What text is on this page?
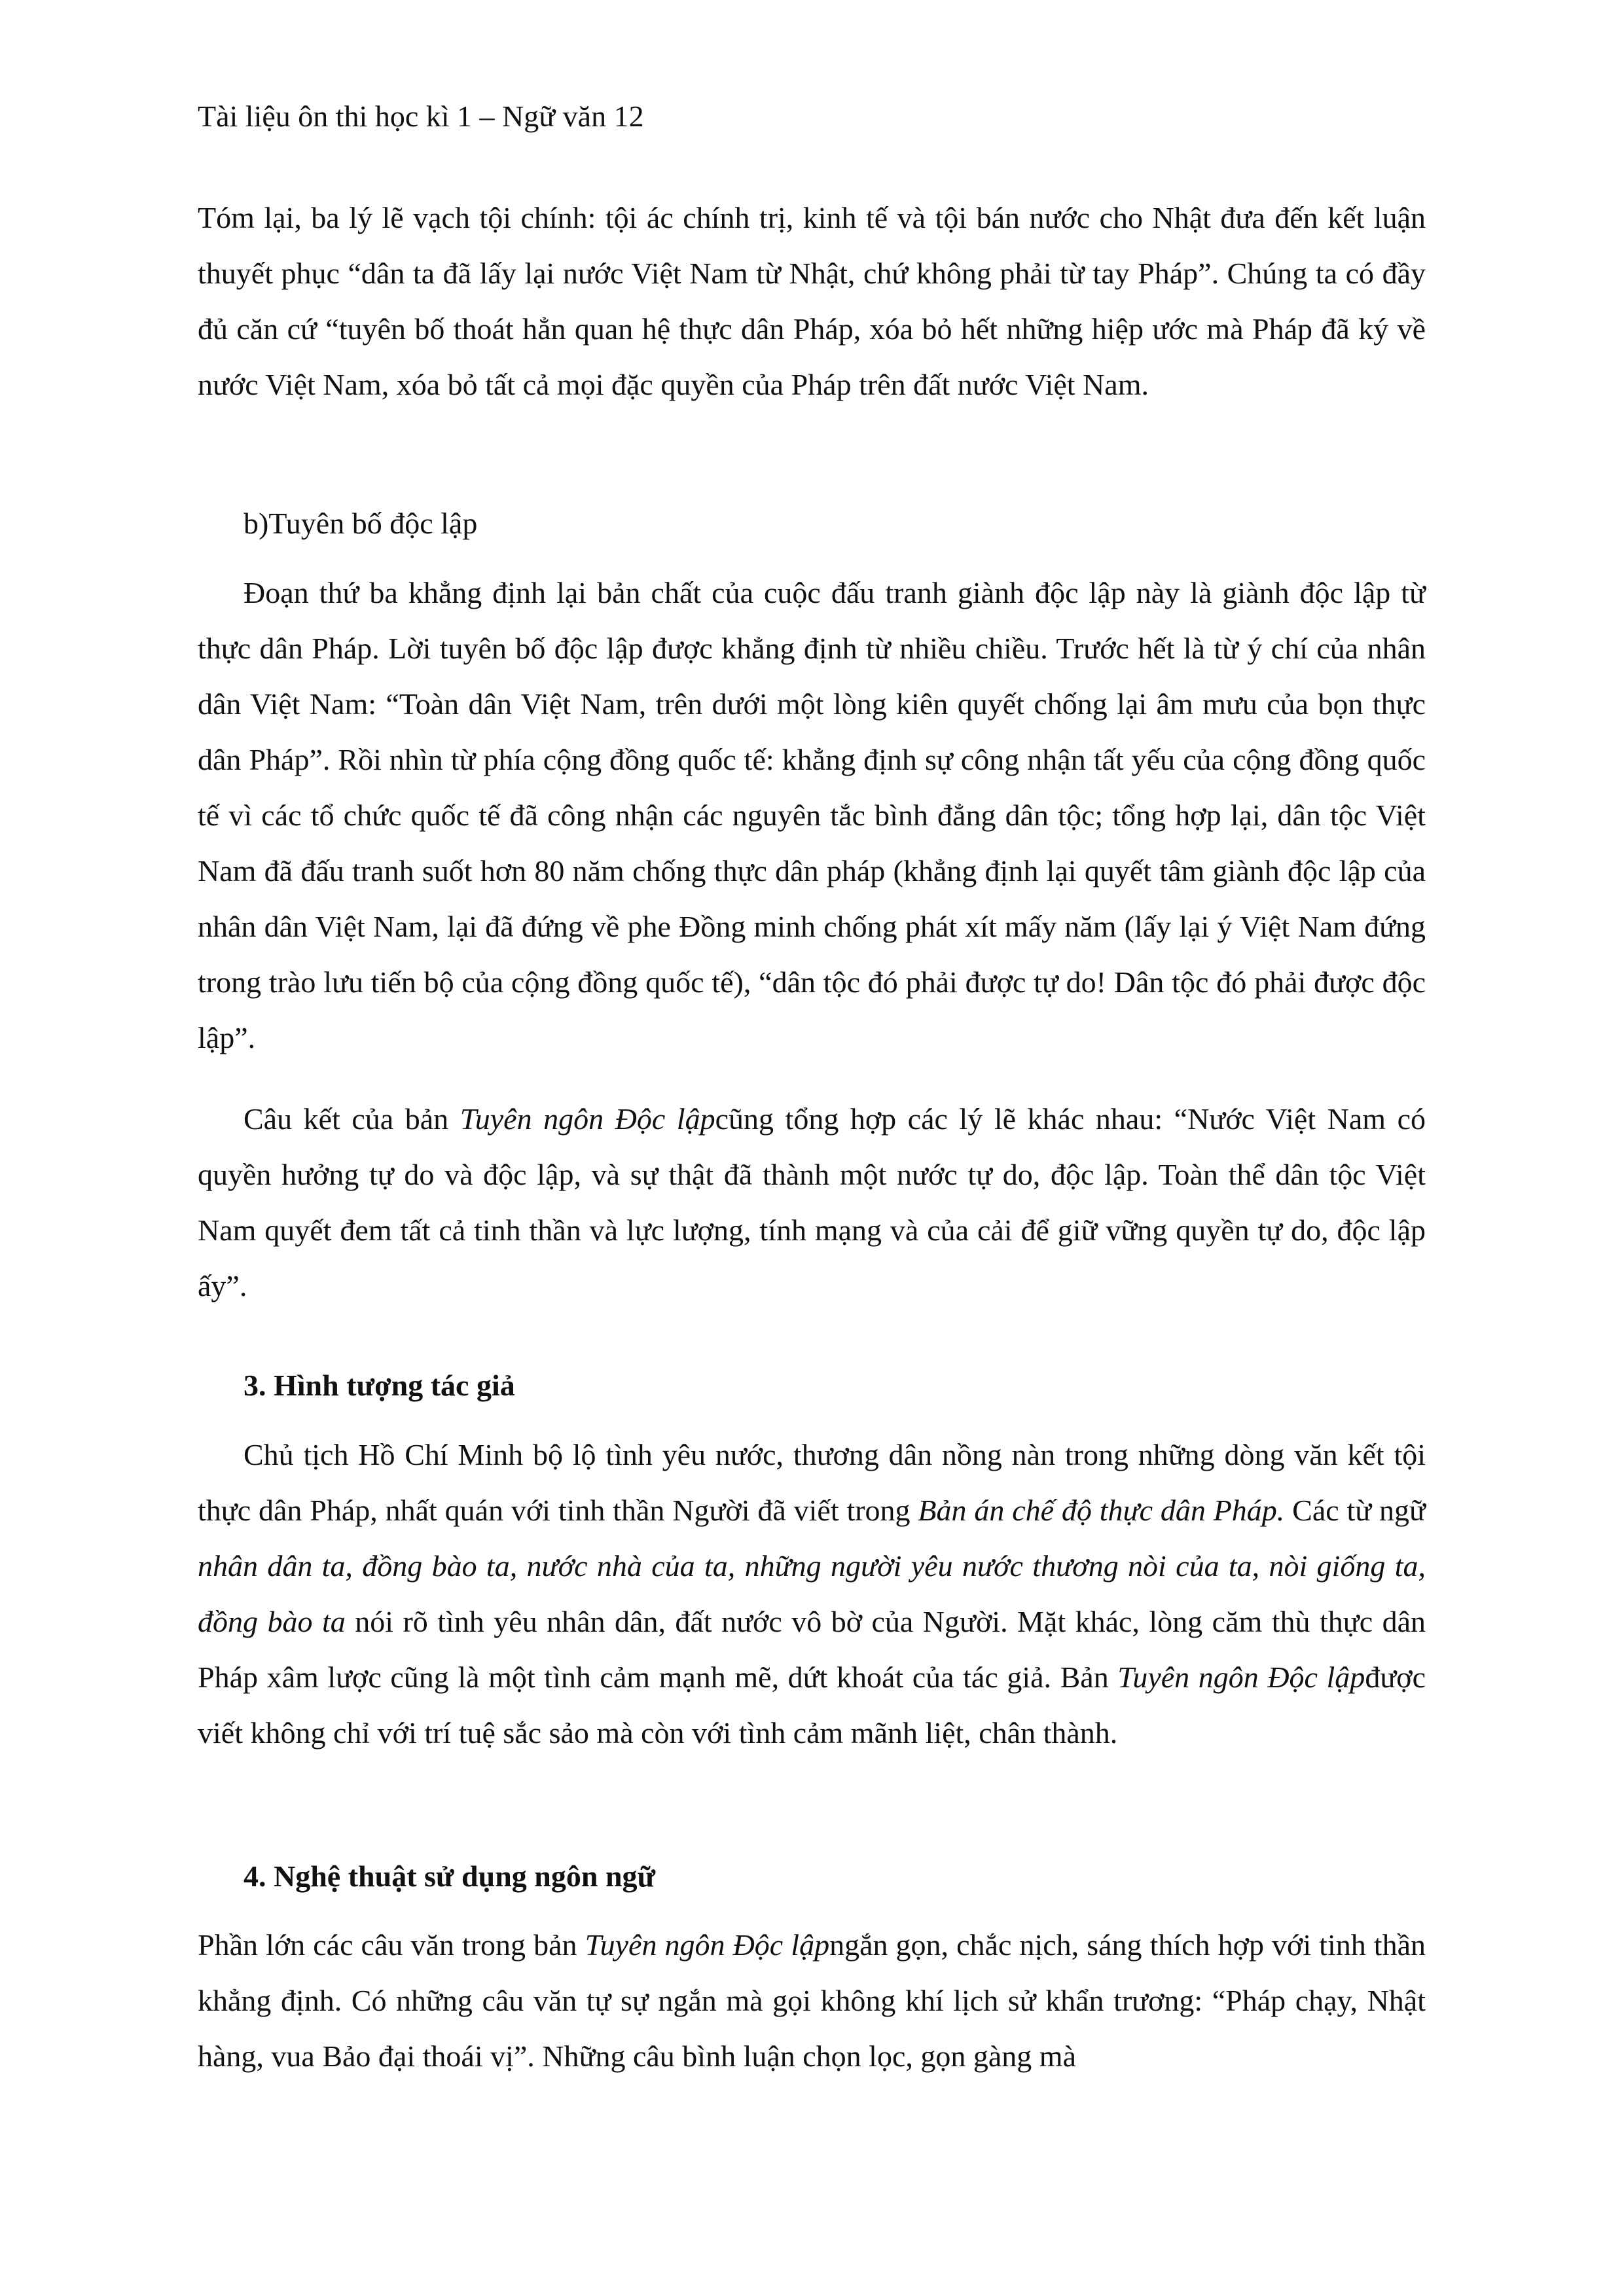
Tài liệu ôn thi học kì 1 – Ngữ văn 12

Tóm lại, ba lý lẽ vạch tội chính: tội ác chính trị, kinh tế và tội bán nước cho Nhật đưa đến kết luận thuyết phục “dân ta đã lấy lại nước Việt Nam từ Nhật, chứ không phải từ tay Pháp”. Chúng ta có đầy đủ căn cứ “tuyên bố thoát hẳn quan hệ thực dân Pháp, xóa bỏ hết những hiệp ước mà Pháp đã ký về nước Việt Nam, xóa bỏ tất cả mọi đặc quyền của Pháp trên đất nước Việt Nam.

b)Tuyên bố độc lập

Đoạn thứ ba khẳng định lại bản chất của cuộc đấu tranh giành độc lập này là giành độc lập từ thực dân Pháp. Lời tuyên bố độc lập được khẳng định từ nhiều chiều. Trước hết là từ ý chí của nhân dân Việt Nam: “Toàn dân Việt Nam, trên dưới một lòng kiên quyết chống lại âm mưu của bọn thực dân Pháp”. Rồi nhìn từ phía cộng đồng quốc tế: khẳng định sự công nhận tất yếu của cộng đồng quốc tế vì các tổ chức quốc tế đã công nhận các nguyên tắc bình đẳng dân tộc; tổng hợp lại, dân tộc Việt Nam đã đấu tranh suốt hơn 80 năm chống thực dân pháp (khẳng định lại quyết tâm giành độc lập của nhân dân Việt Nam, lại đã đứng về phe Đồng minh chống phát xít mấy năm (lấy lại ý Việt Nam đứng trong trào lưu tiến bộ của cộng đồng quốc tế), “dân tộc đó phải được tự do! Dân tộc đó phải được độc lập”.

Câu kết của bản Tuyên ngôn Độc lậpcũng tổng hợp các lý lẽ khác nhau: “Nước Việt Nam có quyền hưởng tự do và độc lập, và sự thật đã thành một nước tự do, độc lập. Toàn thể dân tộc Việt Nam quyết đem tất cả tinh thần và lực lượng, tính mạng và của cải để giữ vững quyền tự do, độc lập ấy”.

3. Hình tượng tác giả

Chủ tịch Hồ Chí Minh bộ lộ tình yêu nước, thương dân nồng nàn trong những dòng văn kết tội thực dân Pháp, nhất quán với tinh thần Người đã viết trong Bản án chế độ thực dân Pháp. Các từ ngữ nhân dân ta, đồng bào ta, nước nhà của ta, những người yêu nước thương nòi của ta, nòi giống ta, đồng bào ta nói rõ tình yêu nhân dân, đất nước vô bờ của Người. Mặt khác, lòng căm thù thực dân Pháp xâm lược cũng là một tình cảm mạnh mẽ, dứt khoát của tác giả. Bản Tuyên ngôn Độc lậpđược viết không chỉ với trí tuệ sắc sảo mà còn với tình cảm mãnh liệt, chân thành.

4. Nghệ thuật sử dụng ngôn ngữ

Phần lớn các câu văn trong bản Tuyên ngôn Độc lậpngắn gọn, chắc nịch, sáng thích hợp với tinh thần khẳng định. Có những câu văn tự sự ngắn mà gọi không khí lịch sử khẩn trương: “Pháp chạy, Nhật hàng, vua Bảo đại thoái vị”. Những câu bình luận chọn lọc, gọn gàng mà
